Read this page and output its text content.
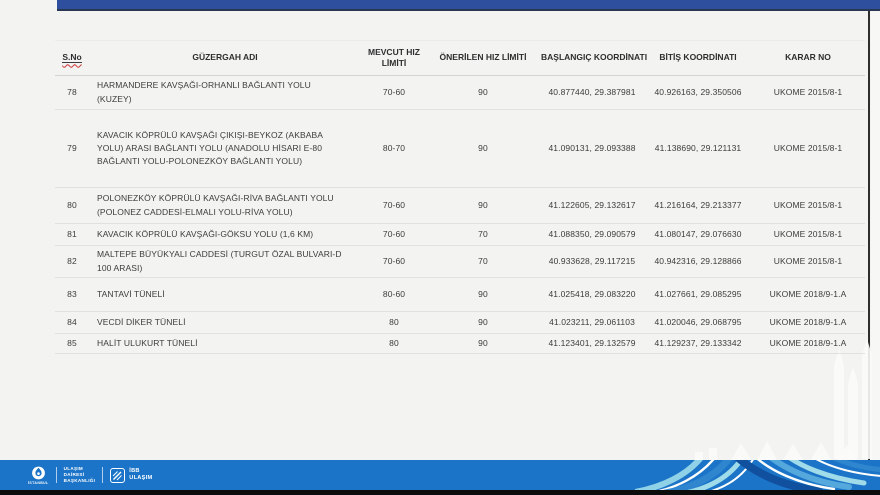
S.No	GÜZERGAH ADI	MEVCUT HIZ LİMİTİ	ÖNERİLEN HIZ LİMİTİ	BAŞLANGIÇ KOORDİNATI	BİTİŞ KOORDİNATI	KARAR NO
78	HARMANDERE KAVŞAĞI-ORHANLI BAĞLANTI YOLU (KUZEY)	70-60	90	40.877440, 29.387981	40.926163, 29.350506	UKOME 2015/8-1
79	KAVACIK KÖPRÜLÜ KAVŞAĞI ÇIKIŞI-BEYKOZ (AKBABA YOLU) ARASI BAĞLANTI YOLU (ANADOLU HİSARI E-80 BAĞLANTI YOLU-POLONEZKÖY BAĞLANTI YOLU)	80-70	90	41.090131, 29.093388	41.138690, 29.121131	UKOME 2015/8-1
80	POLONEZKÖY KÖPRÜLÜ KAVŞAĞI-RİVA BAĞLANTI YOLU (POLONEZ CADDESİ-ELMALI YOLU-RİVA YOLU)	70-60	90	41.122605, 29.132617	41.216164, 29.213377	UKOME 2015/8-1
81	KAVACIK KÖPRÜLÜ KAVŞAĞI-GÖKSU YOLU (1,6 KM)	70-60	70	41.088350, 29.090579	41.080147, 29.076630	UKOME 2015/8-1
82	MALTEPE BÜYÜKYALI CADDESİ (TURGUT ÖZAL BULVARI-D 100 ARASI)	70-60	70	40.933628, 29.117215	40.942316, 29.128866	UKOME 2015/8-1
83	TANTAVİ TÜNELİ	80-60	90	41.025418, 29.083220	41.027661, 29.085295	UKOME 2018/9-1.A
84	VECDİ DİKER TÜNELİ	80	90	41.023211, 29.061103	41.020046, 29.068795	UKOME 2018/9-1.A
85	HALİT ULUKURT TÜNELİ	80	90	41.123401, 29.132579	41.129237, 29.133342	UKOME 2018/9-1.A
İSTANBUL
ULAŞIM
DAİRESİ
BAŞKANLIĞI
İBB
ULAŞIM
